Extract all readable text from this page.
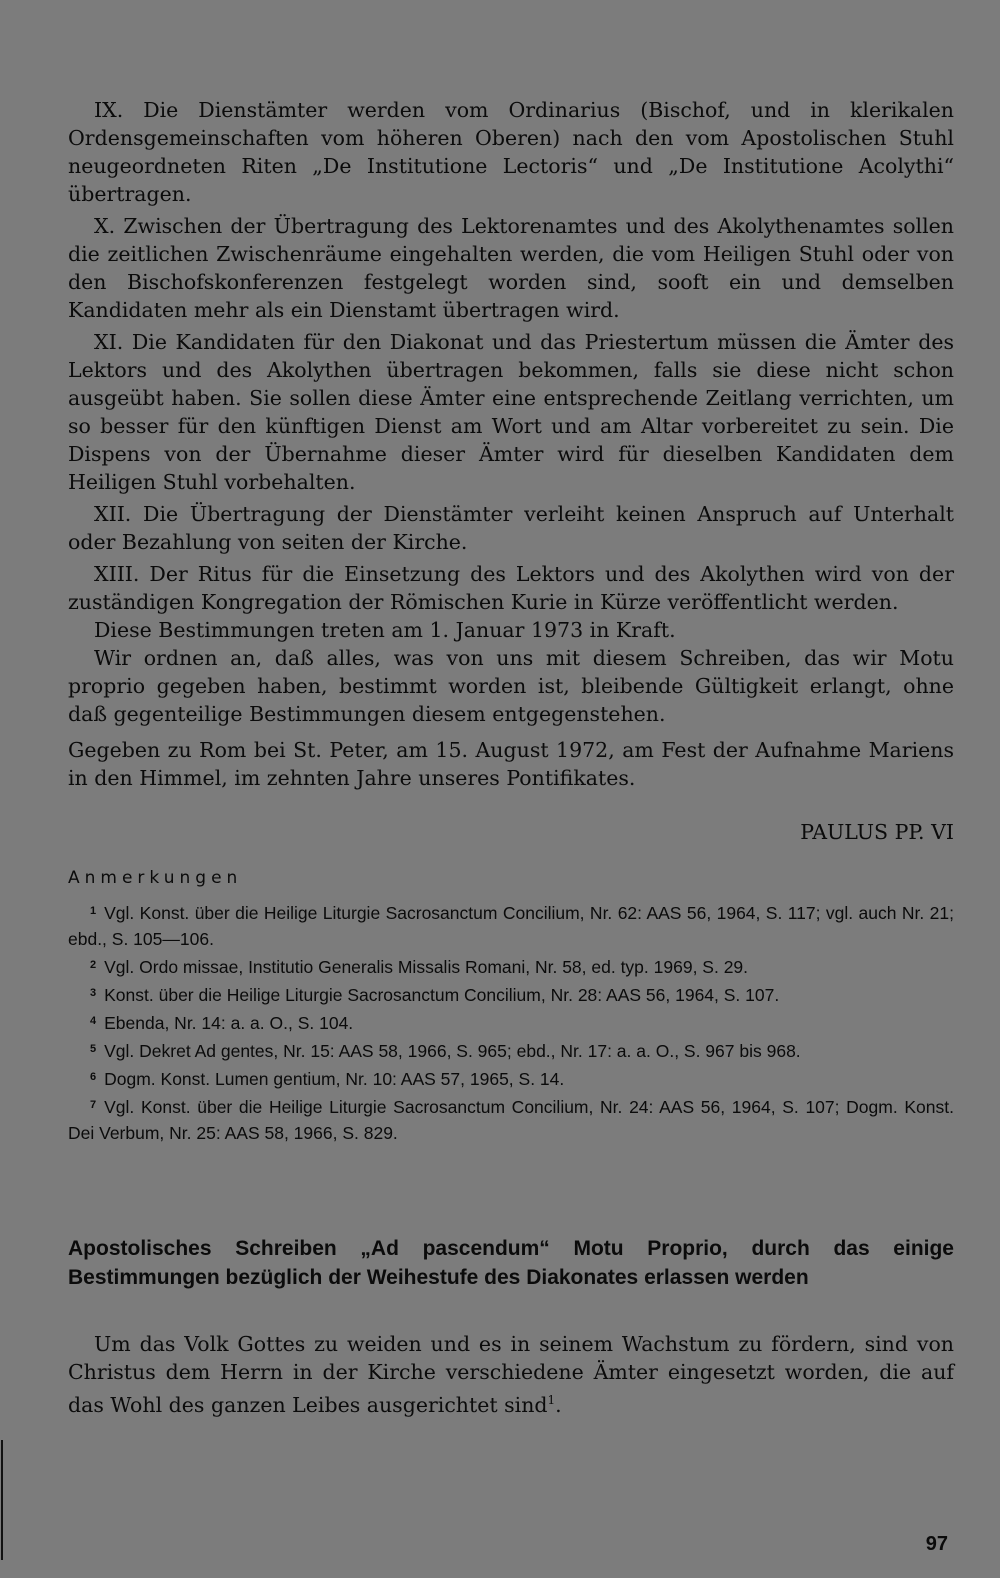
IX. Die Dienstämter werden vom Ordinarius (Bischof, und in klerikalen Ordensgemeinschaften vom höheren Oberen) nach den vom Apostolischen Stuhl neugeordneten Riten „De Institutione Lectoris“ und „De Institutione Acolythi“ übertragen.

X. Zwischen der Übertragung des Lektorenamtes und des Akolythenamtes sollen die zeitlichen Zwischenräume eingehalten werden, die vom Heiligen Stuhl oder von den Bischofskonferenzen festgelegt worden sind, sooft ein und demselben Kandidaten mehr als ein Dienstamt übertragen wird.

XI. Die Kandidaten für den Diakonat und das Priestertum müssen die Ämter des Lektors und des Akolythen übertragen bekommen, falls sie diese nicht schon ausgeübt haben. Sie sollen diese Ämter eine entsprechende Zeitlang verrichten, um so besser für den künftigen Dienst am Wort und am Altar vorbereitet zu sein. Die Dispens von der Übernahme dieser Ämter wird für dieselben Kandidaten dem Heiligen Stuhl vorbehalten.

XII. Die Übertragung der Dienstämter verleiht keinen Anspruch auf Unterhalt oder Bezahlung von seiten der Kirche.

XIII. Der Ritus für die Einsetzung des Lektors und des Akolythen wird von der zuständigen Kongregation der Römischen Kurie in Kürze veröffentlicht werden.

Diese Bestimmungen treten am 1. Januar 1973 in Kraft.

Wir ordnen an, daß alles, was von uns mit diesem Schreiben, das wir Motu proprio gegeben haben, bestimmt worden ist, bleibende Gültigkeit erlangt, ohne daß gegenteilige Bestimmungen diesem entgegenstehen.

Gegeben zu Rom bei St. Peter, am 15. August 1972, am Fest der Aufnahme Mariens in den Himmel, im zehnten Jahre unseres Pontifikates.

PAULUS PP. VI
Anmerkungen

$^1$ Vgl. Konst. über die Heilige Liturgie Sacrosanctum Concilium, Nr. 62: AAS 56, 1964, S. 117; vgl. auch Nr. 21; ebd., S. 105—106.

$^2$ Vgl. Ordo missae, Institutio Generalis Missalis Romani, Nr. 58, ed. typ. 1969, S. 29.

$^3$ Konst. über die Heilige Liturgie Sacrosanctum Concilium, Nr. 28: AAS 56, 1964, S. 107.

$^4$ Ebenda, Nr. 14: a. a. O., S. 104.

$^5$ Vgl. Dekret Ad gentes, Nr. 15: AAS 58, 1966, S. 965; ebd., Nr. 17: a. a. O., S. 967 bis 968.

$^6$ Dogm. Konst. Lumen gentium, Nr. 10: AAS 57, 1965, S. 14.

$^7$ Vgl. Konst. über die Heilige Liturgie Sacrosanctum Concilium, Nr. 24: AAS 56, 1964, S. 107; Dogm. Konst. Dei Verbum, Nr. 25: AAS 58, 1966, S. 829.

Apostolisches Schreiben „Ad pascendum“ Motu Proprio, durch das einige Bestimmungen bezüglich der Weihestufe des Diakonates erlassen werden

Um das Volk Gottes zu weiden und es in seinem Wachstum zu fördern, sind von Christus dem Herrn in der Kirche verschiedene Ämter eingesetzt worden, die auf das Wohl des ganzen Leibes ausgerichtet sind$^1$.

97
